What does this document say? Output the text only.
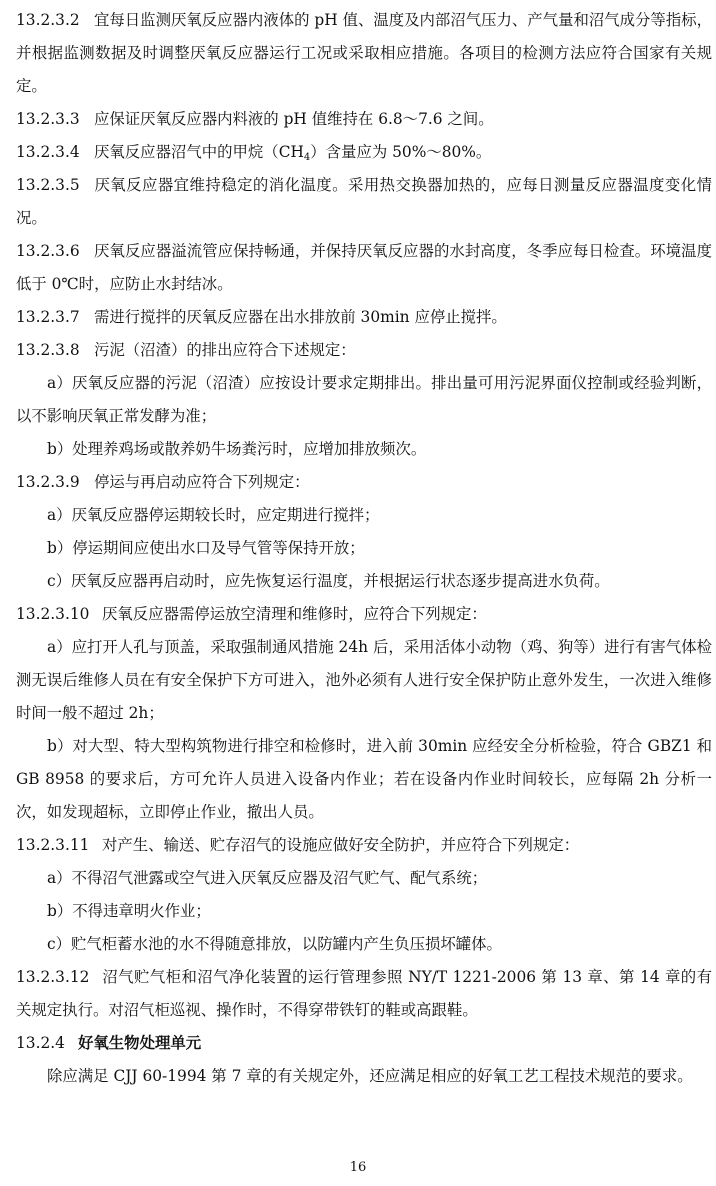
13.2.3.2 宜每日监测厌氧反应器内液体的 pH 值、温度及内部沼气压力、产气量和沼气成分等指标，并根据监测数据及时调整厌氧反应器运行工况或采取相应措施。各项目的检测方法应符合国家有关规定。

13.2.3.3 应保证厌氧反应器内料液的 pH 值维持在 6.8～7.6 之间。

13.2.3.4 厌氧反应器沼气中的甲烷$(CH_4)$含量应为 50%～80%。

13.2.3.5 厌氧反应器宜维持稳定的消化温度。采用热交换器加热的，应每日测量反应器温度变化情况。

13.2.3.6 厌氧反应器溢流管应保持畅通，并保持厌氧反应器的水封高度，冬季应每日检查。环境温度低于 0℃时，应防止水封结冰。

13.2.3.7 需进行搅拌的厌氧反应器在出水排放前 30min 应停止搅拌。

13.2.3.8 污泥（沼渣）的排出应符合下述规定：

a）厌氧反应器的污泥（沼渣）应按设计要求定期排出。排出量可用污泥界面仪控制或经验判断，以不影响厌氧正常发酵为准；

b）处理养鸡场或散养奶牛场粪污时，应增加排放频次。

13.2.3.9 停运与再启动应符合下列规定：

a）厌氧反应器停运期较长时，应定期进行搅拌；

b）停运期间应使出水口及导气管等保持开放；

c）厌氧反应器再启动时，应先恢复运行温度，并根据运行状态逐步提高进水负荷。

13.2.3.10 厌氧反应器需停运放空清理和维修时，应符合下列规定：

a）应打开人孔与顶盖，采取强制通风措施 24h 后，采用活体小动物（鸡、狗等）进行有害气体检测无误后维修人员在有安全保护下方可进入，池外必须有人进行安全保护防止意外发生，一次进入维修时间一般不超过 2h；

b）对大型、特大型构筑物进行排空和检修时，进入前 30min 应经安全分析检验，符合 GBZ1 和 GB 8958 的要求后，方可允许人员进入设备内作业；若在设备内作业时间较长，应每隔 2h 分析一次，如发现超标，立即停止作业，撤出人员。

13.2.3.11 对产生、输送、贮存沼气的设施应做好安全防护，并应符合下列规定：

a）不得沼气泄露或空气进入厌氧反应器及沼气贮气、配气系统；

b）不得违章明火作业；

c）贮气柜蓄水池的水不得随意排放，以防罐内产生负压损坏罐体。

13.2.3.12 沼气贮气柜和沼气净化装置的运行管理参照 NY/T 1221-2006 第 13 章、第 14 章的有关规定执行。对沼气柜巡视、操作时，不得穿带铁钉的鞋或高跟鞋。

13.2.4 好氧生物处理单元

除应满足 CJJ 60-1994 第 7 章的有关规定外，还应满足相应的好氧工艺工程技术规范的要求。

16
